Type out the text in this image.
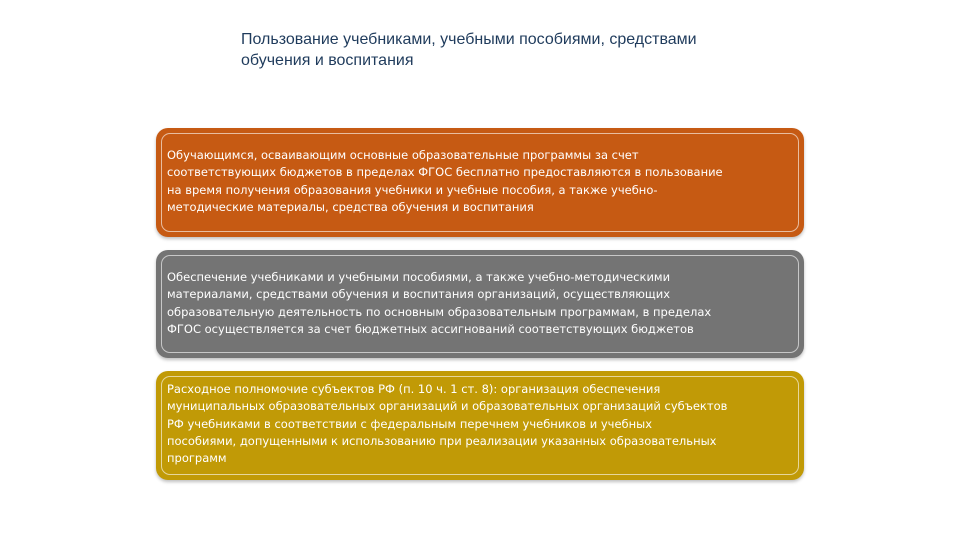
Пользование учебниками, учебными пособиями, средствами
обучения и воспитания
Обучающимся, осваивающим основные образовательные программы за счет
соответствующих бюджетов в пределах ФГОС бесплатно предоставляются в пользование
на время получения образования учебники и учебные пособия, а также учебно-
методические материалы, средства обучения и воспитания
Обеспечение учебниками и учебными пособиями, а также учебно-методическими
материалами, средствами обучения и воспитания организаций, осуществляющих
образовательную деятельность по основным образовательным программам, в пределах
ФГОС осуществляется за счет бюджетных ассигнований соответствующих бюджетов
Расходное полномочие субъектов РФ (п. 10 ч. 1 ст. 8): организация обеспечения
муниципальных образовательных организаций и образовательных организаций субъектов
РФ учебниками в соответствии с федеральным перечнем учебников и учебных
пособиями, допущенными к использованию при реализации указанных образовательных
программ
